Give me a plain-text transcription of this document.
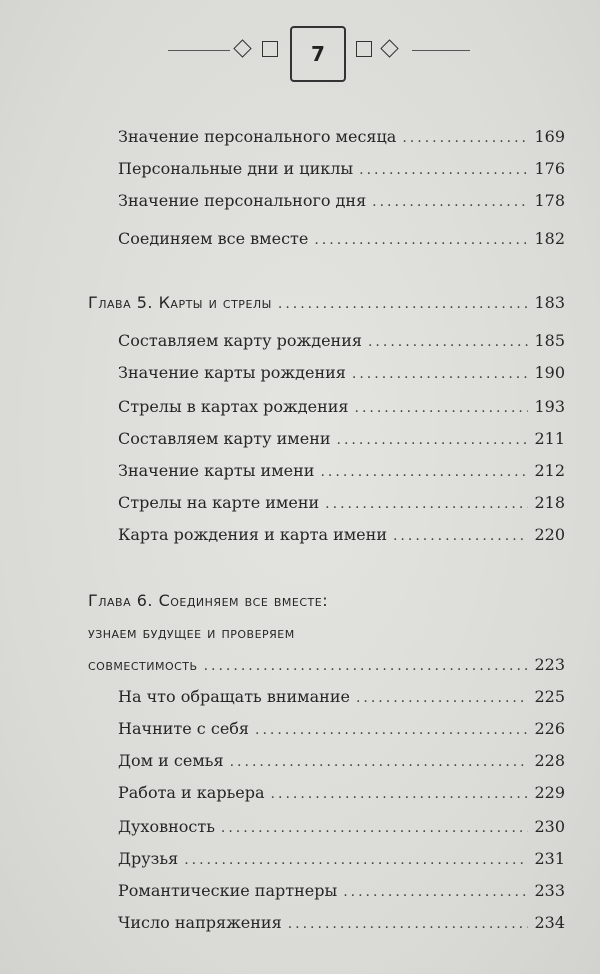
7
Значение персонального месяца .....	169
Персональные дни и циклы .....	176
Значение персонального дня .....	178
Соединяем все вместе .....	182
Глава 5. Карты и стрелы .....	183
Составляем карту рождения .....	185
Значение карты рождения .....	190
Стрелы в картах рождения .....	193
Составляем карту имени .....	211
Значение карты имени .....	212
Стрелы на карте имени .....	218
Карта рождения и карта имени .....	220
Глава 6. Соединяем все вместе:
узнаем будущее и проверяем
совместимость .....	223
На что обращать внимание .....	225
Начните с себя .....	226
Дом и семья .....	228
Работа и карьера .....	229
Духовность .....	230
Друзья .....	231
Романтические партнеры .....	233
Число напряжения .....	234
